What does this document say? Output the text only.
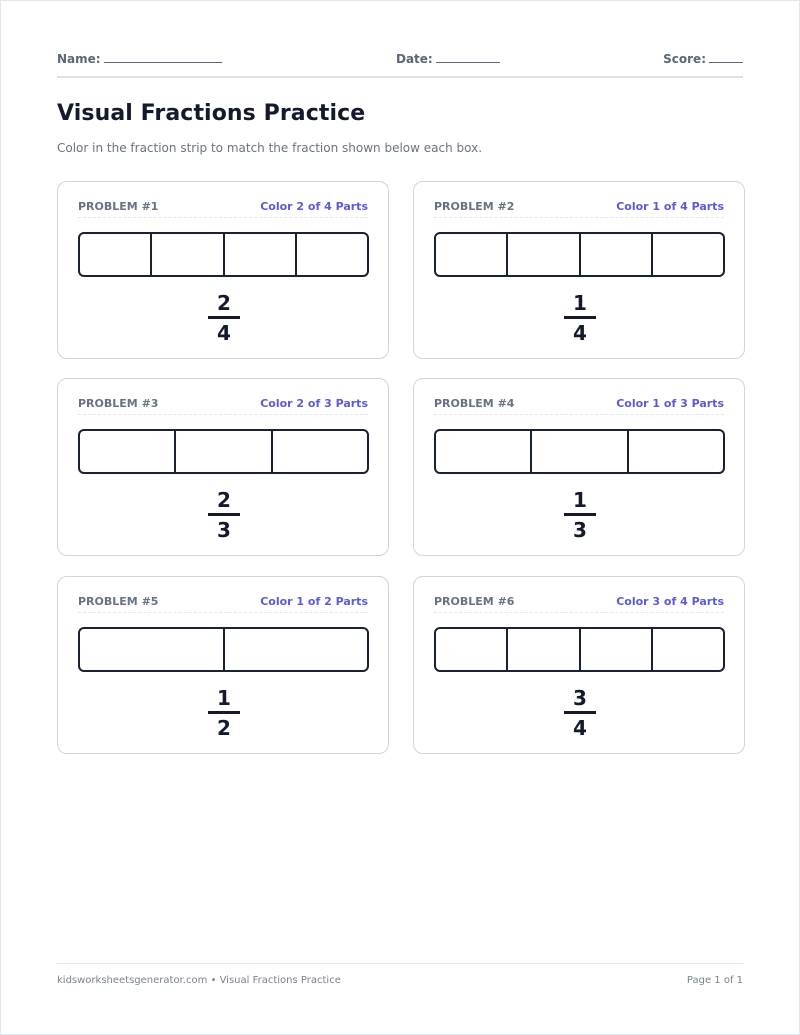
Name:	Date:	Score:
Visual Fractions Practice

Color in the fraction strip to match the fraction shown below each box.

PROBLEM #1	Color 2 of 4 Parts
2
4
PROBLEM #2	Color 1 of 4 Parts
1
4
PROBLEM #3	Color 2 of 3 Parts
2
3
PROBLEM #4	Color 1 of 3 Parts
1
3
PROBLEM #5	Color 1 of 2 Parts
1
2
PROBLEM #6	Color 3 of 4 Parts
3
4
kidsworksheetsgenerator.com • Visual Fractions Practice	Page 1 of 1
